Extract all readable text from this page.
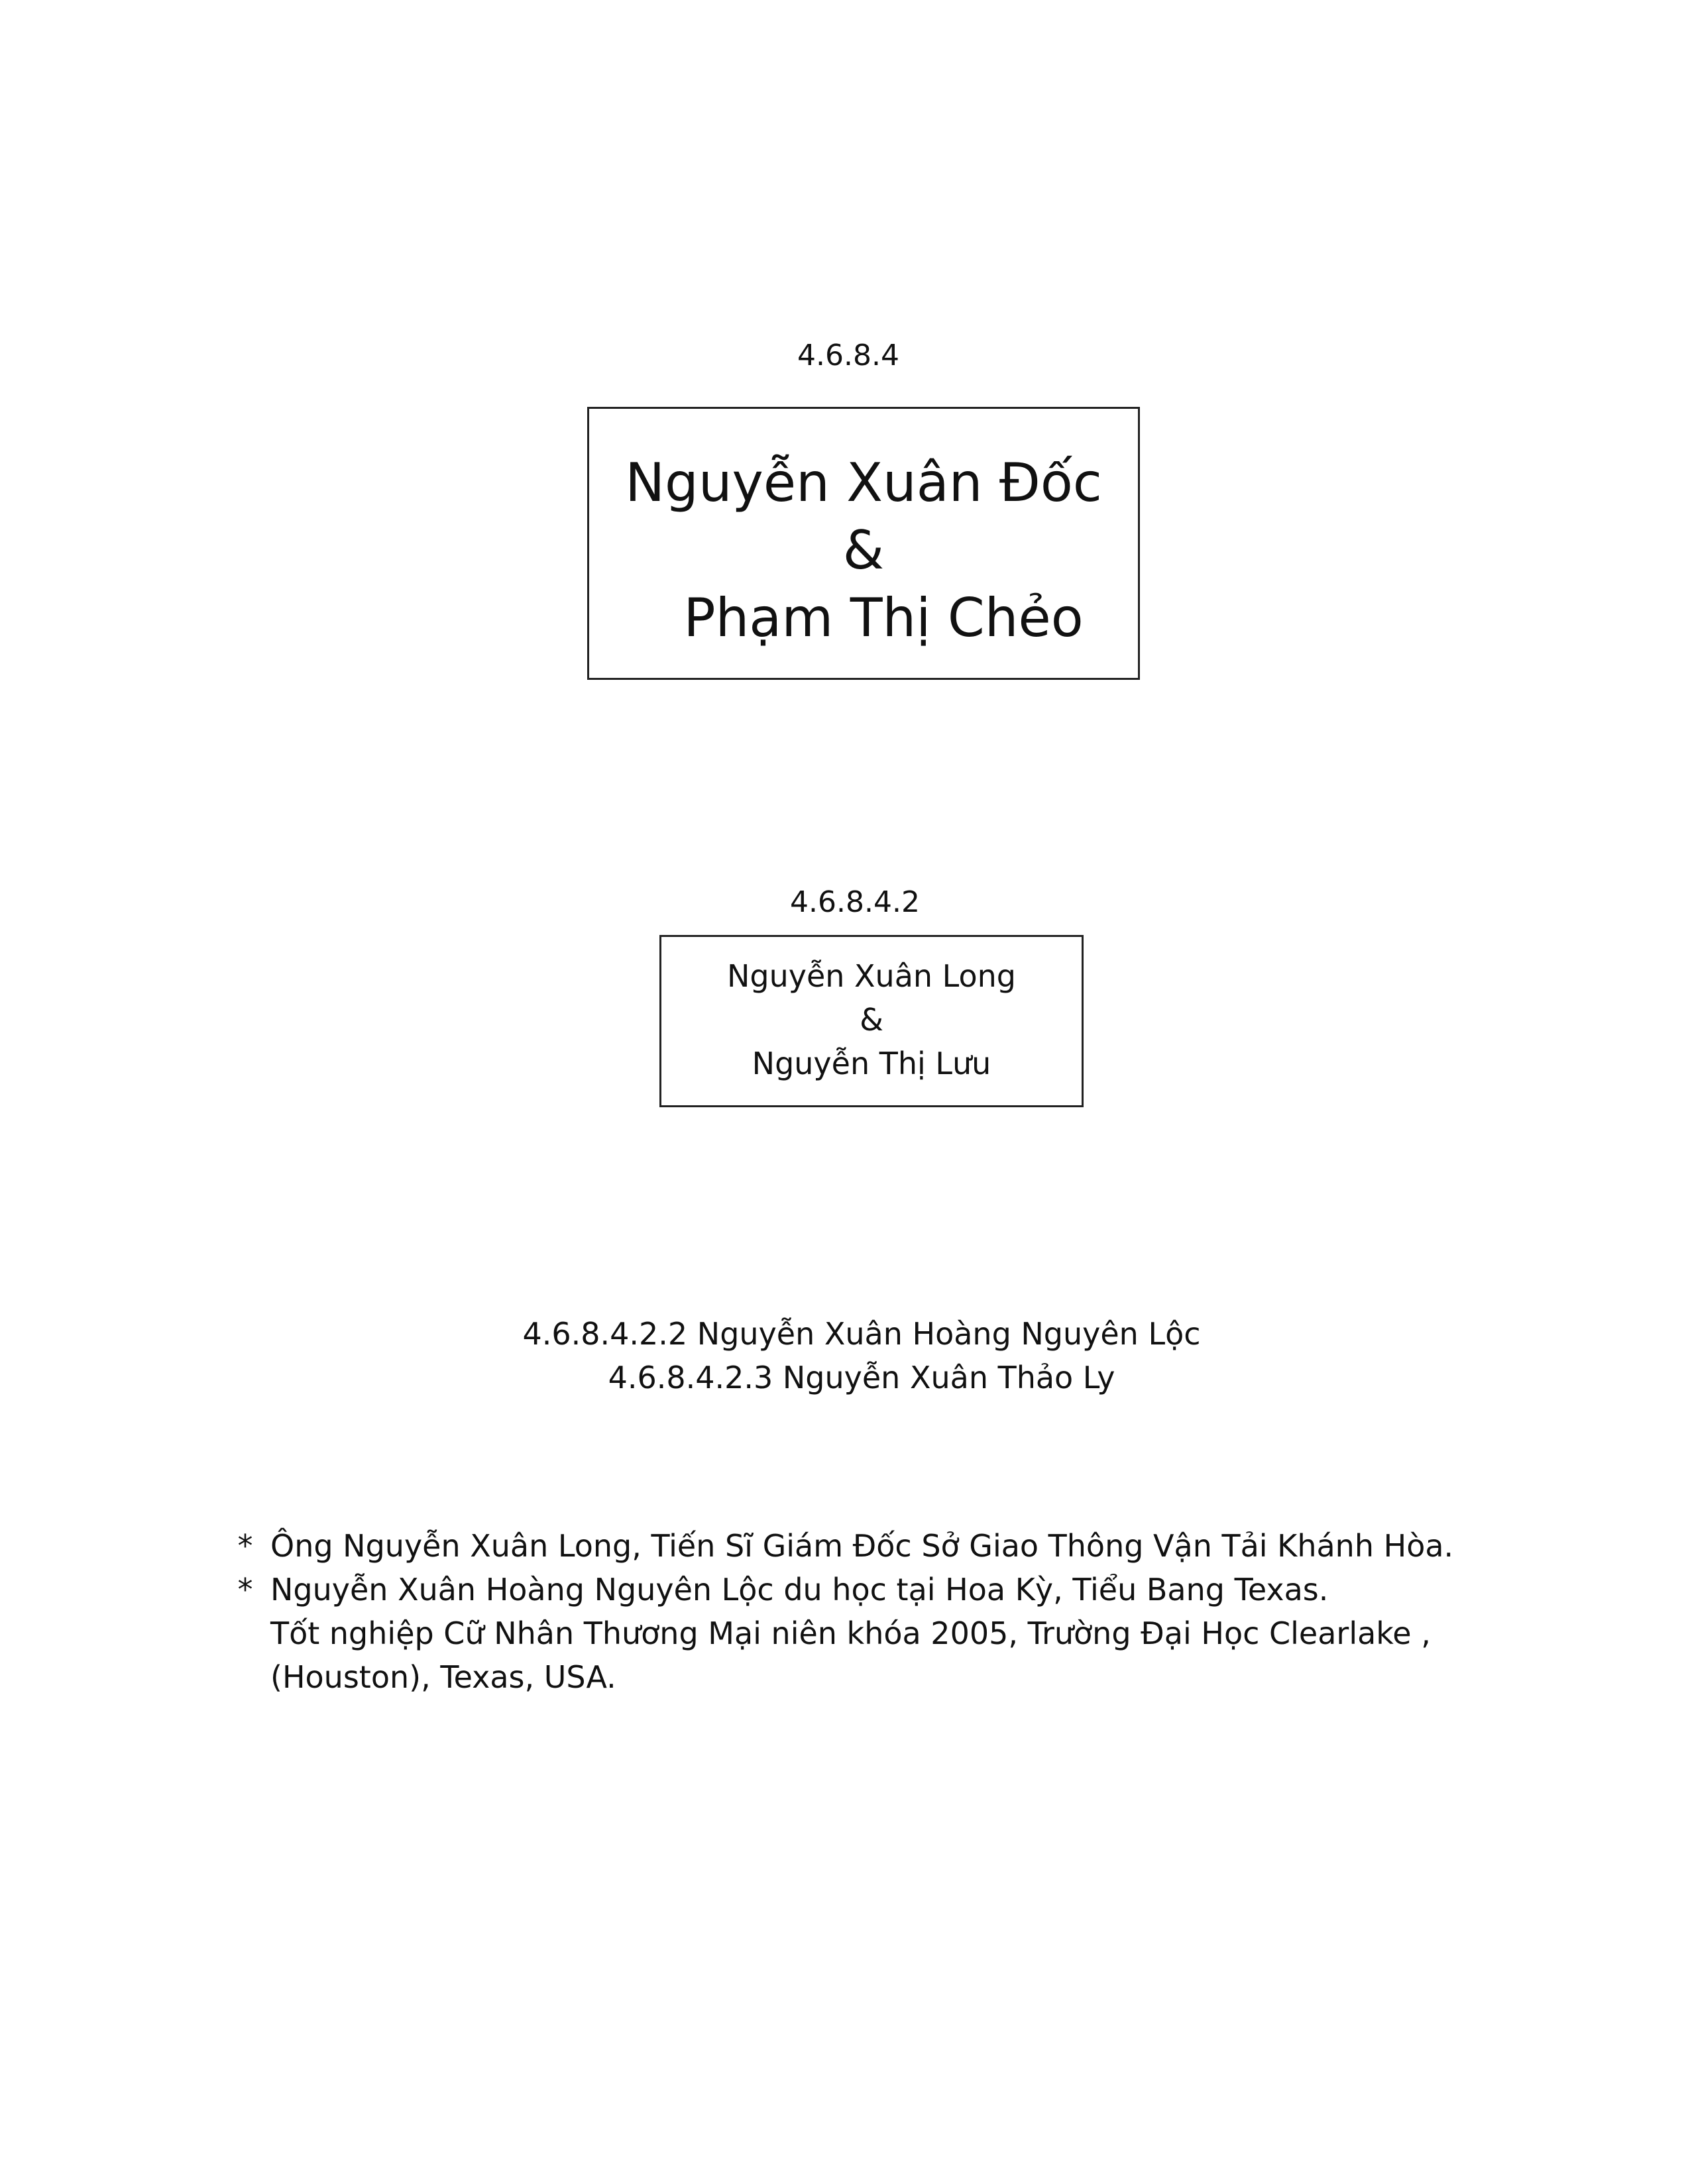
4.6.8.4
Nguyễn Xuân Đốc
&
Phạm Thị Chẻo
4.6.8.4.2
Nguyễn Xuân Long
&
Nguyễn Thị Lưu
4.6.8.4.2.2 Nguyễn Xuân Hoàng Nguyên Lộc
4.6.8.4.2.3 Nguyễn Xuân Thảo Ly
* Ông Nguyễn Xuân Long, Tiến Sĩ Giám Đốc Sở Giao Thông Vận Tải Khánh Hòa.
* Nguyễn Xuân Hoàng Nguyên Lộc du học tại Hoa Kỳ, Tiểu Bang Texas.
Tốt nghiệp Cữ Nhân Thương Mại niên khóa 2005, Trường Đại Học Clearlake ,
(Houston), Texas, USA.
